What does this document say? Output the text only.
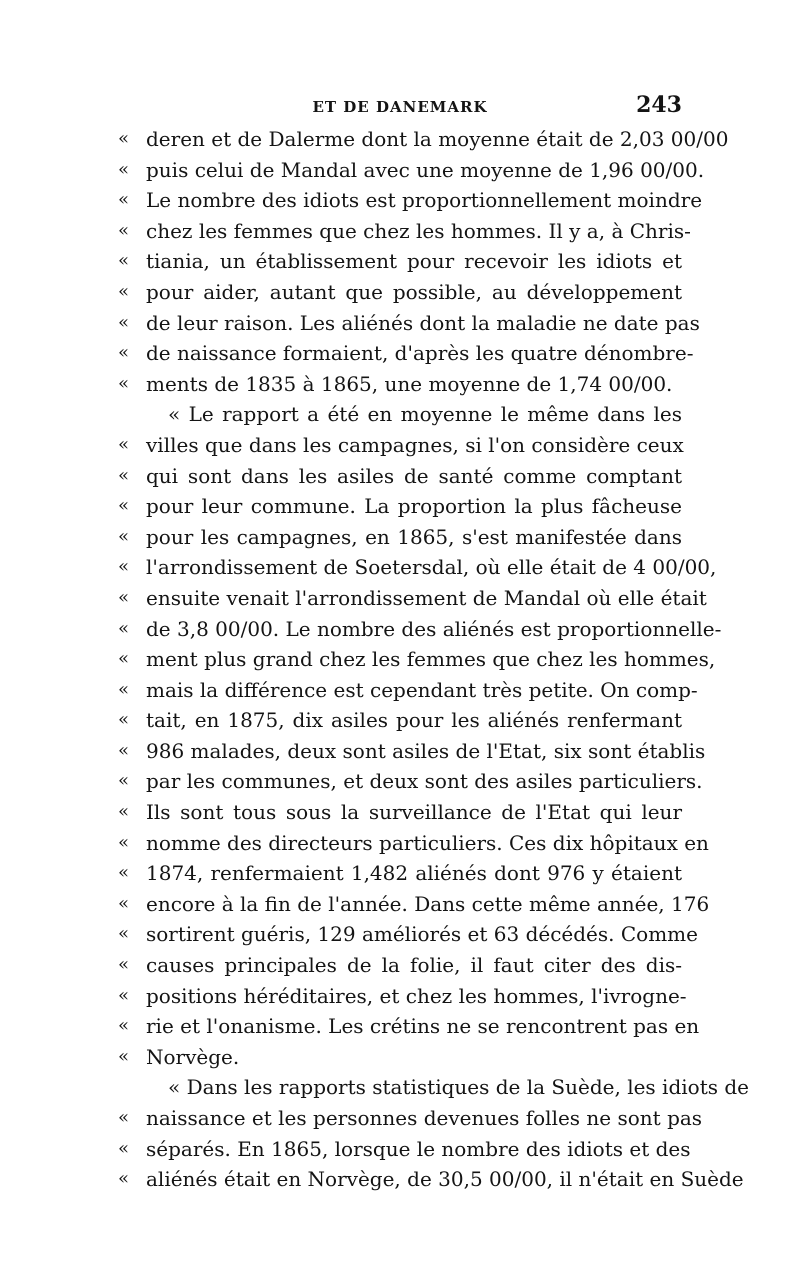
ET DE DANEMARK	243
« deren et de Dalerme dont la moyenne était de 2,03 00/00
« puis celui de Mandal avec une moyenne de 1,96 00/00.
« Le nombre des idiots est proportionnellement moindre
« chez les femmes que chez les hommes. Il y a, à Chris-
« tiania, un établissement pour recevoir les idiots et
« pour aider, autant que possible, au développement
« de leur raison. Les aliénés dont la maladie ne date pas
« de naissance formaient, d'après les quatre dénombre-
« ments de 1835 à 1865, une moyenne de 1,74 00/00.
« Le rapport a été en moyenne le même dans les
« villes que dans les campagnes, si l'on considère ceux
« qui sont dans les asiles de santé comme comptant
« pour leur commune. La proportion la plus fâcheuse
« pour les campagnes, en 1865, s'est manifestée dans
« l'arrondissement de Soetersdal, où elle était de 4 00/00,
« ensuite venait l'arrondissement de Mandal où elle était
« de 3,8 00/00. Le nombre des aliénés est proportionnelle-
« ment plus grand chez les femmes que chez les hommes,
« mais la différence est cependant très petite. On comp-
« tait, en 1875, dix asiles pour les aliénés renfermant
« 986 malades, deux sont asiles de l'Etat, six sont établis
« par les communes, et deux sont des asiles particuliers.
« Ils sont tous sous la surveillance de l'Etat qui leur
« nomme des directeurs particuliers. Ces dix hôpitaux en
« 1874, renfermaient 1,482 aliénés dont 976 y étaient
« encore à la fin de l'année. Dans cette même année, 176
« sortirent guéris, 129 améliorés et 63 décédés. Comme
« causes principales de la folie, il faut citer des dis-
« positions héréditaires, et chez les hommes, l'ivrogne-
« rie et l'onanisme. Les crétins ne se rencontrent pas en
« Norvège.
« Dans les rapports statistiques de la Suède, les idiots de
« naissance et les personnes devenues folles ne sont pas
« séparés. En 1865, lorsque le nombre des idiots et des
« aliénés était en Norvège, de 30,5 00/00, il n'était en Suède
